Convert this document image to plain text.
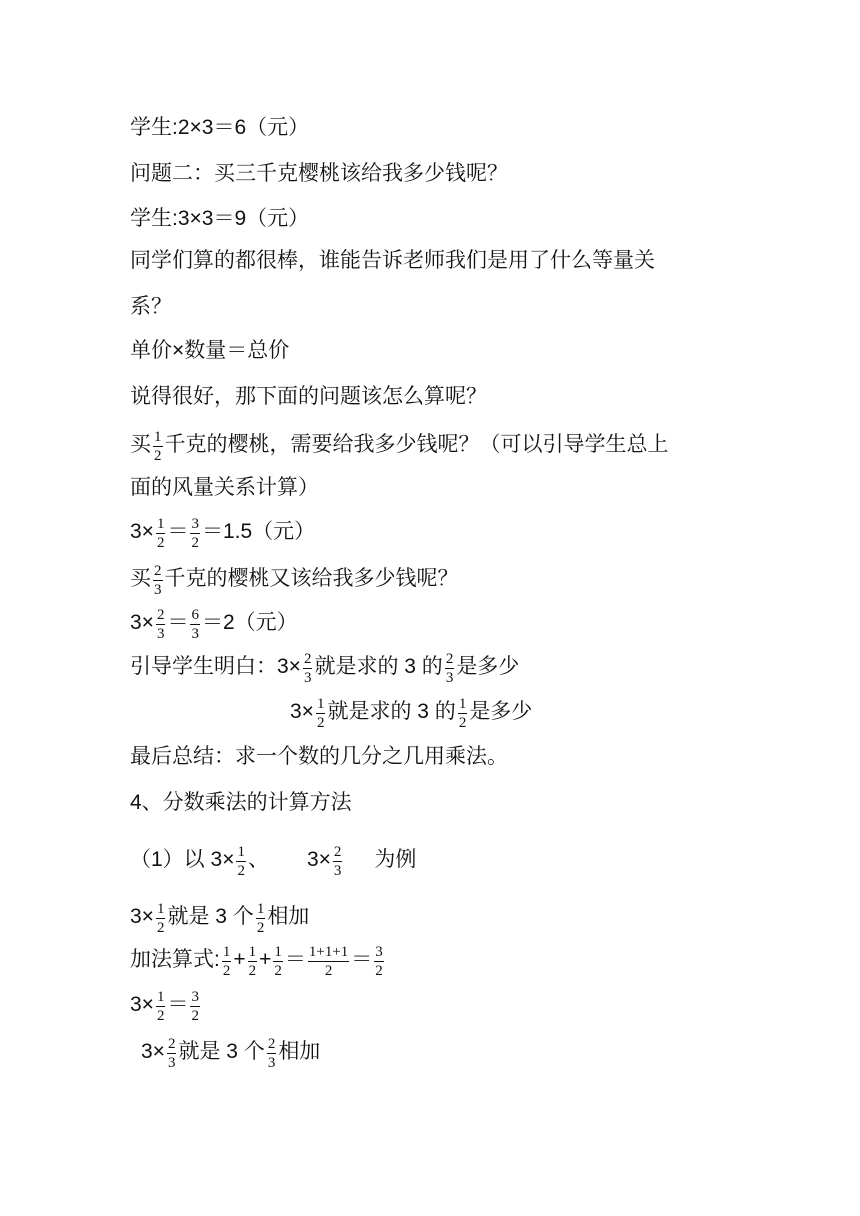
学生:2×3＝6（元）
问题二：买三千克樱桃该给我多少钱呢？
学生:3×3＝9（元）
同学们算的都很棒，谁能告诉老师我们是用了什么等量关
系？
单价×数量＝总价
说得很好，那下面的问题该怎么算呢？
买 $\frac{1}{2}$ 千克的樱桃，需要给我多少钱呢？（可以引导学生总上
面的风量关系计算）
$3\times \frac{1}{2} = \frac{3}{2} =1.5$（元）
买 $\frac{2}{3}$ 千克的樱桃又该给我多少钱呢？
$3\times \frac{2}{3} = \frac{6}{3} =2$（元）
引导学生明白：$3\times \frac{2}{3}$ 就是求的 3 的 $\frac{2}{3}$ 是多少
$3\times \frac{1}{2}$ 就是求的 3 的 $\frac{1}{2}$ 是多少
最后总结：求一个数的几分之几用乘法。
4、分数乘法的计算方法
（1）以 $3\times \frac{1}{2}$ 、 $3\times \frac{2}{3}$ 为例
$3\times \frac{1}{2}$ 就是 3 个 $\frac{1}{2}$ 相加
加法算式: $\frac{1}{2} + \frac{1}{2} + \frac{1}{2} = \frac{1+1+1}{2} = \frac{3}{2}$
$3\times \frac{1}{2} = \frac{3}{2}$
$3\times \frac{2}{3}$ 就是 3 个 $\frac{2}{3}$ 相加
